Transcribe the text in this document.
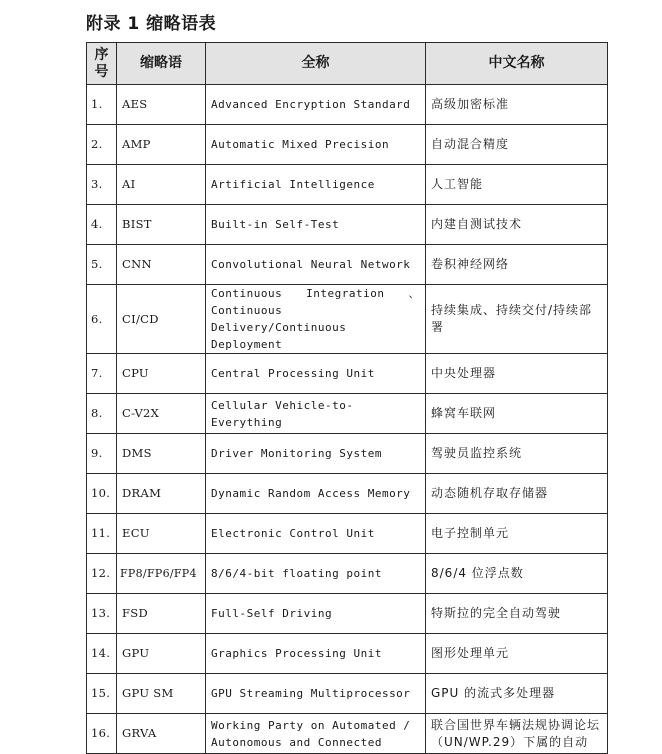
附录 1 缩略语表
序号	缩略语	全称	中文名称
1.	AES	Advanced Encryption Standard	高级加密标准
2.	AMP	Automatic Mixed Precision	自动混合精度
3.	AI	Artificial Intelligence	人工智能
4.	BIST	Built-in Self-Test	内建自测试技术
5.	CNN	Convolutional Neural Network	卷积神经网络
6.	CI/CD	Continuous Integration 、 Continuous Delivery/Continuous Deployment	持续集成、持续交付/持续部署
7.	CPU	Central Processing Unit	中央处理器
8.	C-V2X	Cellular Vehicle-to-Everything	蜂窝车联网
9.	DMS	Driver Monitoring System	驾驶员监控系统
10.	DRAM	Dynamic Random Access Memory	动态随机存取存储器
11.	ECU	Electronic Control Unit	电子控制单元
12.	FP8/FP6/FP4	8/6/4-bit floating point	8/6/4 位浮点数
13.	FSD	Full-Self Driving	特斯拉的完全自动驾驶
14.	GPU	Graphics Processing Unit	图形处理单元
15.	GPU SM	GPU Streaming Multiprocessor	GPU 的流式多处理器
16.	GRVA	Working Party on Automated / Autonomous and Connected	联合国世界车辆法规协调论坛（UN/WP.29）下属的自动
